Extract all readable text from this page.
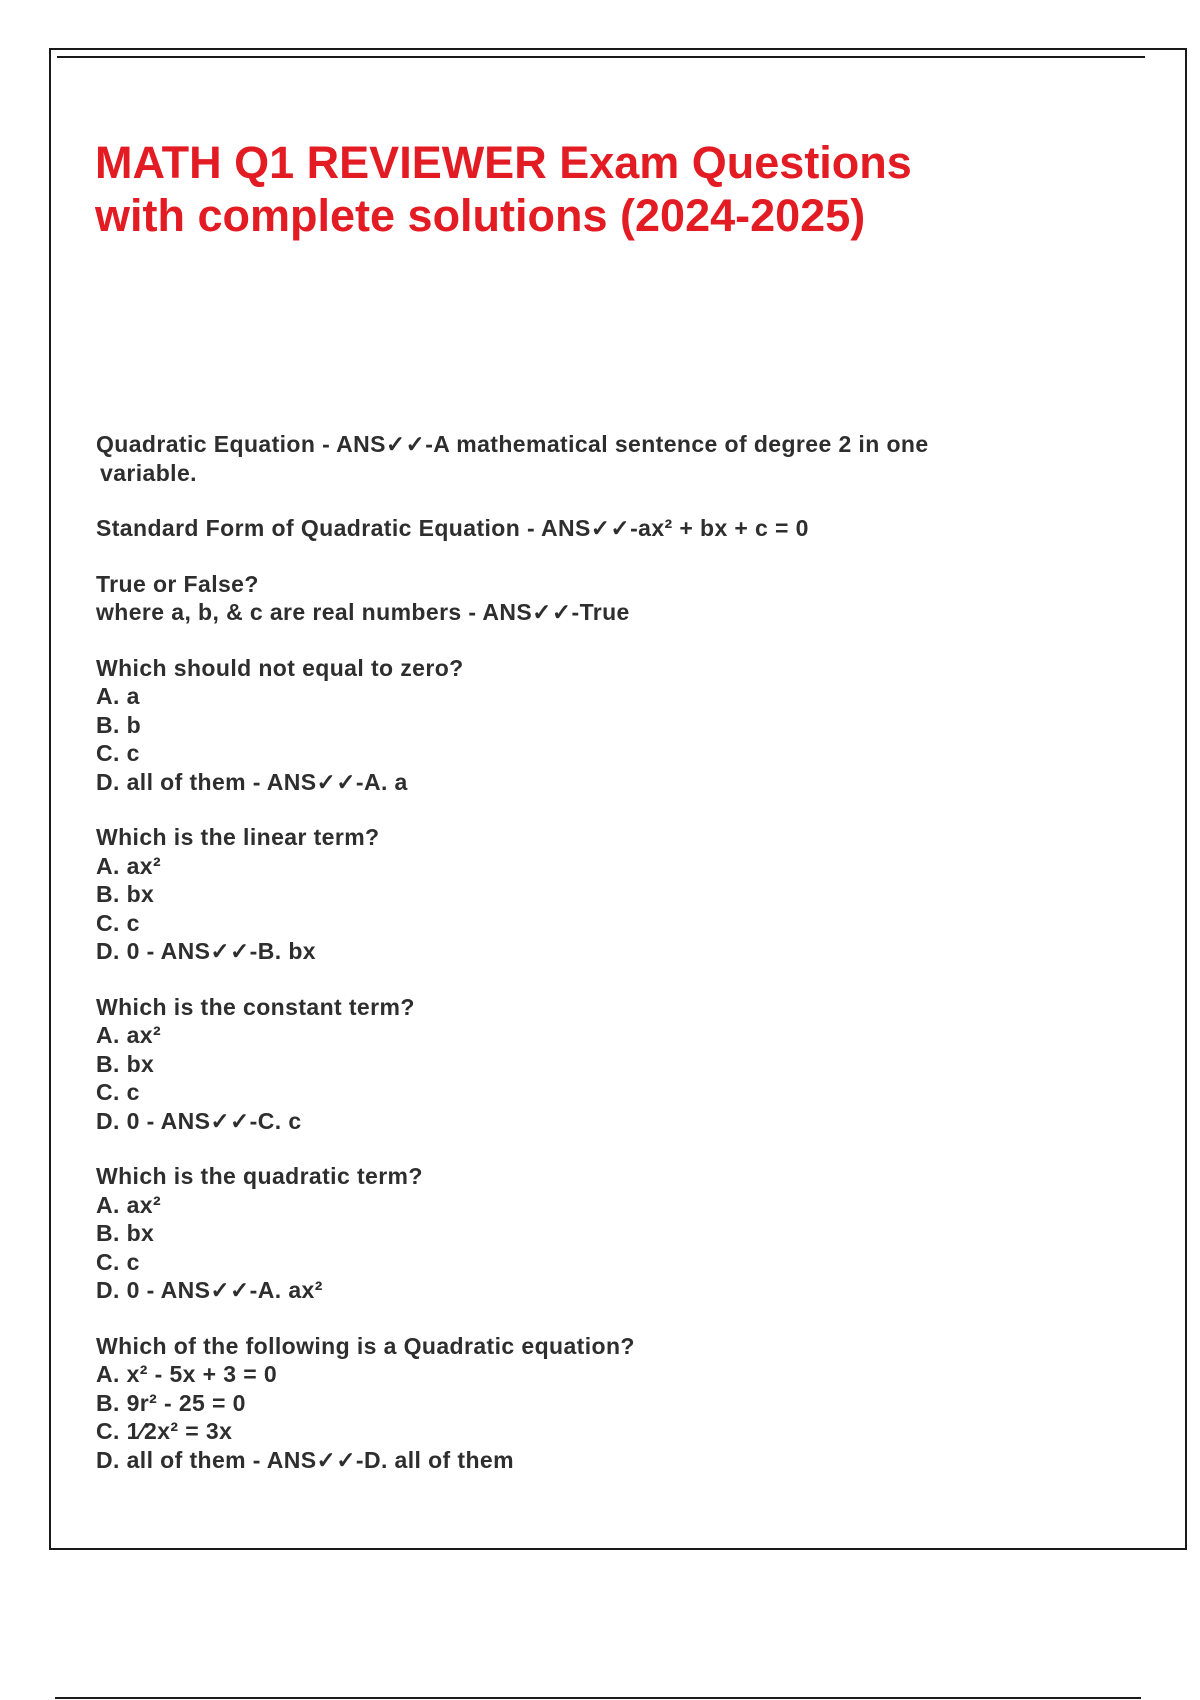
MATH Q1 REVIEWER Exam Questions
with complete solutions (2024-2025)
Quadratic Equation - ANS✓✓-A mathematical sentence of degree 2 in one
variable.
Standard Form of Quadratic Equation - ANS✓✓-ax² + bx + c = 0
True or False?
where a, b, & c are real numbers - ANS✓✓-True
Which should not equal to zero?
A. a
B. b
C. c
D. all of them - ANS✓✓-A. a
Which is the linear term?
A. ax²
B. bx
C. c
D. 0 - ANS✓✓-B. bx
Which is the constant term?
A. ax²
B. bx
C. c
D. 0 - ANS✓✓-C. c
Which is the quadratic term?
A. ax²
B. bx
C. c
D. 0 - ANS✓✓-A. ax²
Which of the following is a Quadratic equation?
A. x² - 5x + 3 = 0
B. 9r² - 25 = 0
C. 1⁄2x² = 3x
D. all of them - ANS✓✓-D. all of them
